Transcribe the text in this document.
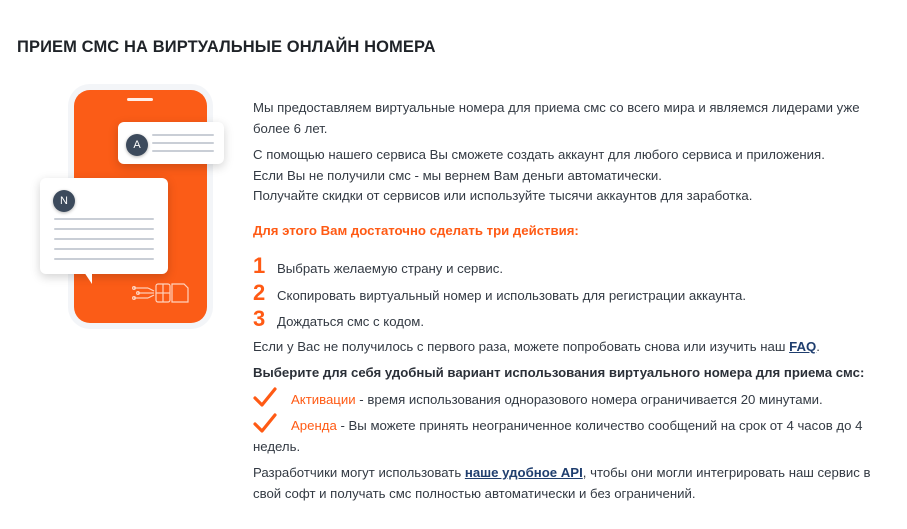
ПРИЕМ СМС НА ВИРТУАЛЬНЫЕ ОНЛАЙН НОМЕРА
A
N

Мы предоставляем виртуальные номера для приема смс со всего мира и являемся лидерами уже более 6 лет.

С помощью нашего сервиса Вы сможете создать аккаунт для любого сервиса и приложения.

Если Вы не получили смс - мы вернем Вам деньги автоматически.

Получайте скидки от сервисов или используйте тысячи аккаунтов для заработка.

Для этого Вам достаточно сделать три действия:

1 Выбрать желаемую страну и сервис.
2 Скопировать виртуальный номер и использовать для регистрации аккаунта.
3 Дождаться смс с кодом.

Если у Вас не получилось с первого раза, можете попробовать снова или изучить наш FAQ.

Выберите для себя удобный вариант использования виртуального номера для приема смс:

Активации - время использования одноразового номера ограничивается 20 минутами.
Аренда - Вы можете принять неограниченное количество сообщений на срок от 4 часов до 4 недель.

Разработчики могут использовать наше удобное API, чтобы они могли интегрировать наш сервис в свой софт и получать смс полностью автоматически и без ограничений.
